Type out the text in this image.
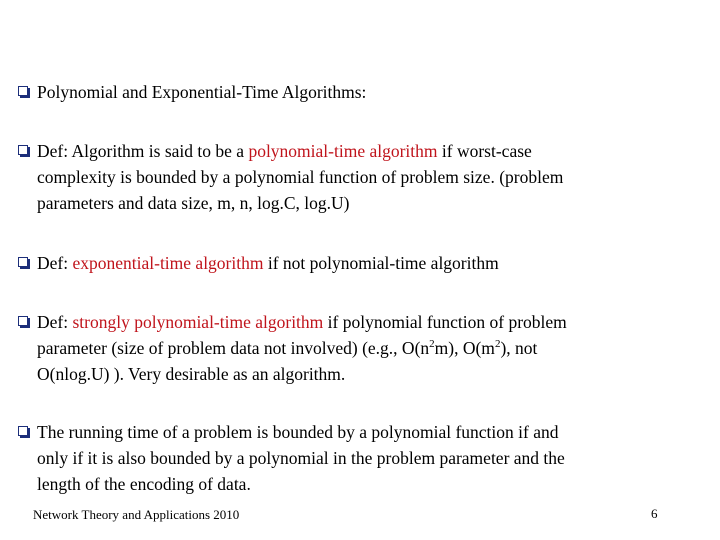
Polynomial and Exponential-Time Algorithms:
Def: Algorithm is said to be a polynomial-time algorithm if worst-case
complexity is bounded by a polynomial function of problem size. (problem
parameters and data size, m, n, log.C, log.U)
Def: exponential-time algorithm if not polynomial-time algorithm
Def: strongly polynomial-time algorithm if polynomial function of problem
parameter (size of problem data not involved) (e.g., $O(n^2m)$, $O(m^2)$, not
O(nlog.U) ). Very desirable as an algorithm.
The running time of a problem is bounded by a polynomial function if and
only if it is also bounded by a polynomial in the problem parameter and the
length of the encoding of data.
Network Theory and Applications 2010	6
